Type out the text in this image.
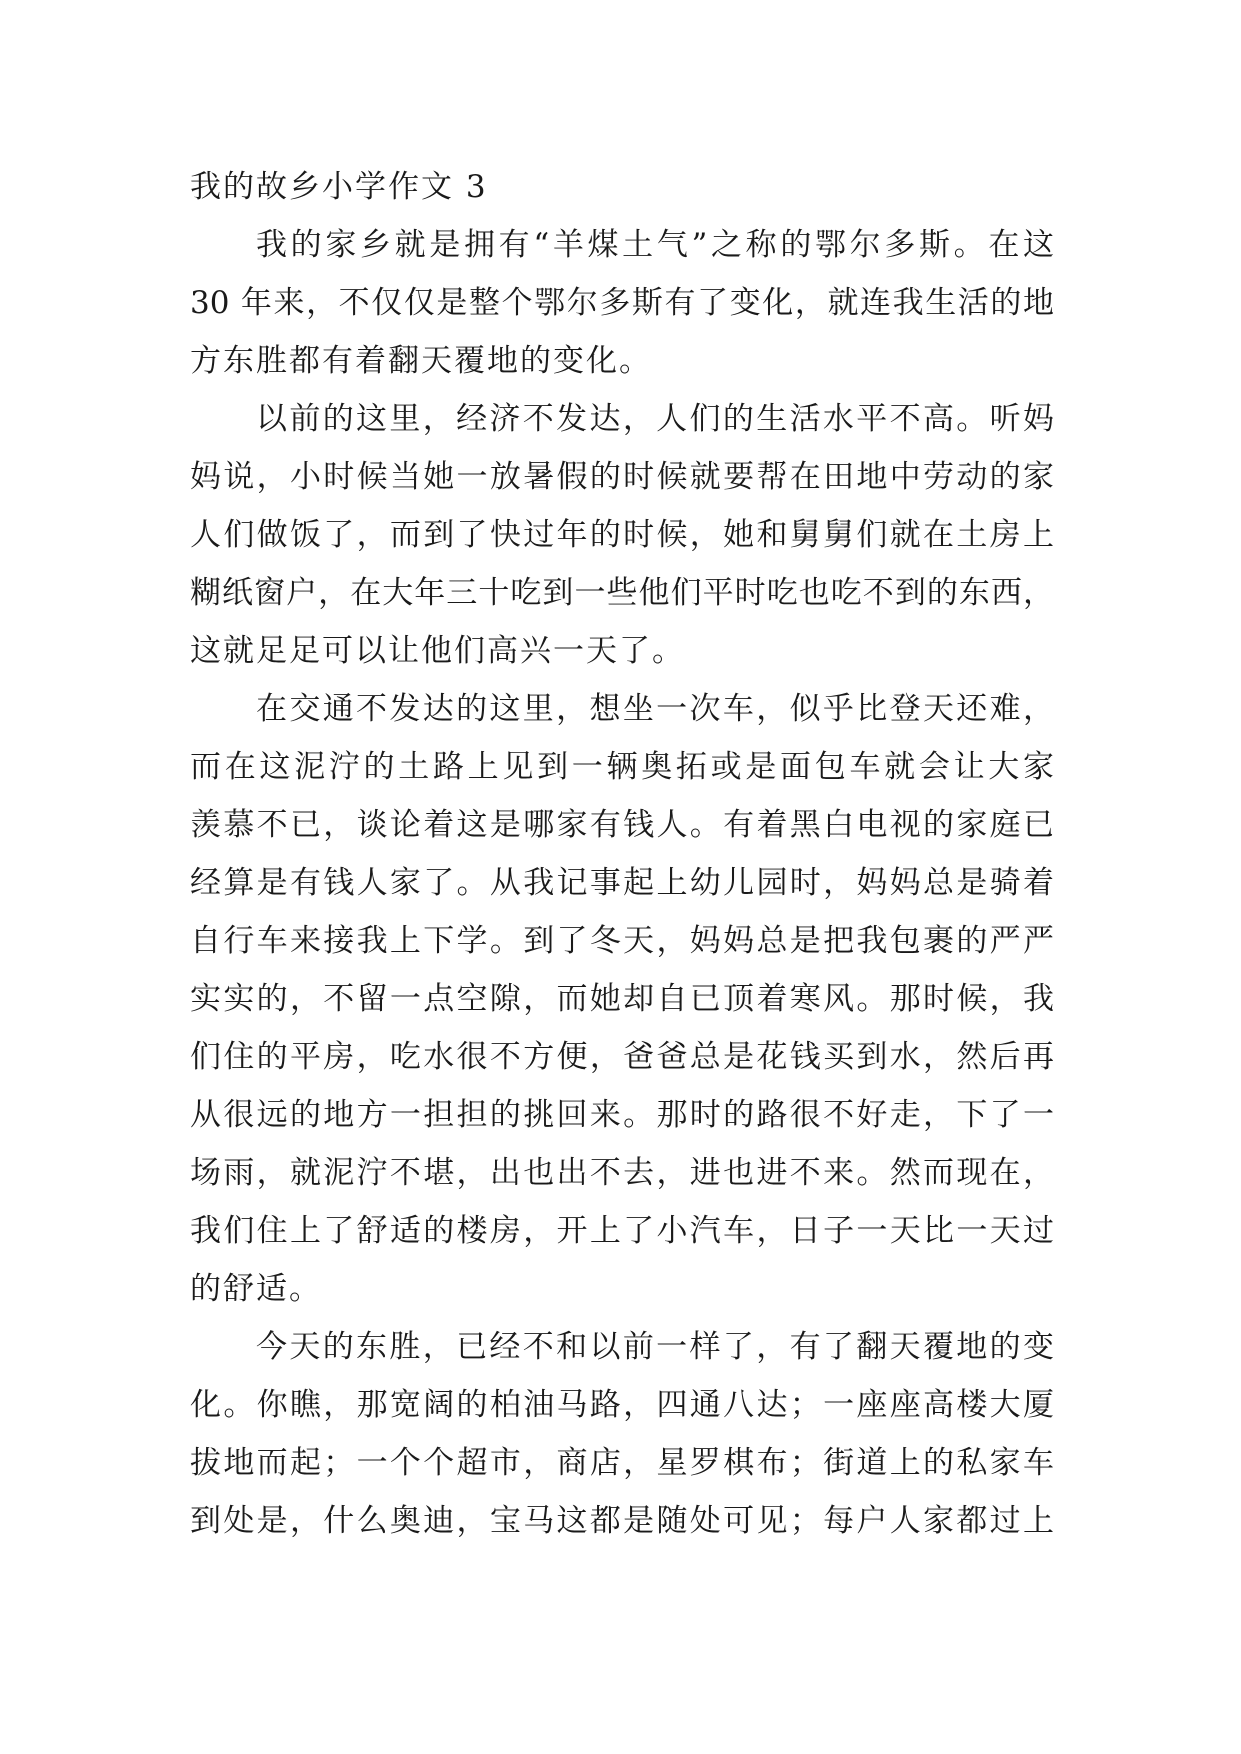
我的故乡小学作文 3
我的家乡就是拥有“羊煤土气”之称的鄂尔多斯。在这
30 年来，不仅仅是整个鄂尔多斯有了变化，就连我生活的地
方东胜都有着翻天覆地的变化。
以前的这里，经济不发达，人们的生活水平不高。听妈
妈说，小时候当她一放暑假的时候就要帮在田地中劳动的家
人们做饭了，而到了快过年的时候，她和舅舅们就在土房上
糊纸窗户，在大年三十吃到一些他们平时吃也吃不到的东西，
这就足足可以让他们高兴一天了。
在交通不发达的这里，想坐一次车，似乎比登天还难，
而在这泥泞的土路上见到一辆奥拓或是面包车就会让大家
羡慕不已，谈论着这是哪家有钱人。有着黑白电视的家庭已
经算是有钱人家了。从我记事起上幼儿园时，妈妈总是骑着
自行车来接我上下学。到了冬天，妈妈总是把我包裹的严严
实实的，不留一点空隙，而她却自已顶着寒风。那时候，我
们住的平房，吃水很不方便，爸爸总是花钱买到水，然后再
从很远的地方一担担的挑回来。那时的路很不好走，下了一
场雨，就泥泞不堪，出也出不去，进也进不来。然而现在，
我们住上了舒适的楼房，开上了小汽车，日子一天比一天过
的舒适。
今天的东胜，已经不和以前一样了，有了翻天覆地的变
化。你瞧，那宽阔的柏油马路，四通八达；一座座高楼大厦
拔地而起；一个个超市，商店，星罗棋布；街道上的私家车
到处是，什么奥迪，宝马这都是随处可见；每户人家都过上
